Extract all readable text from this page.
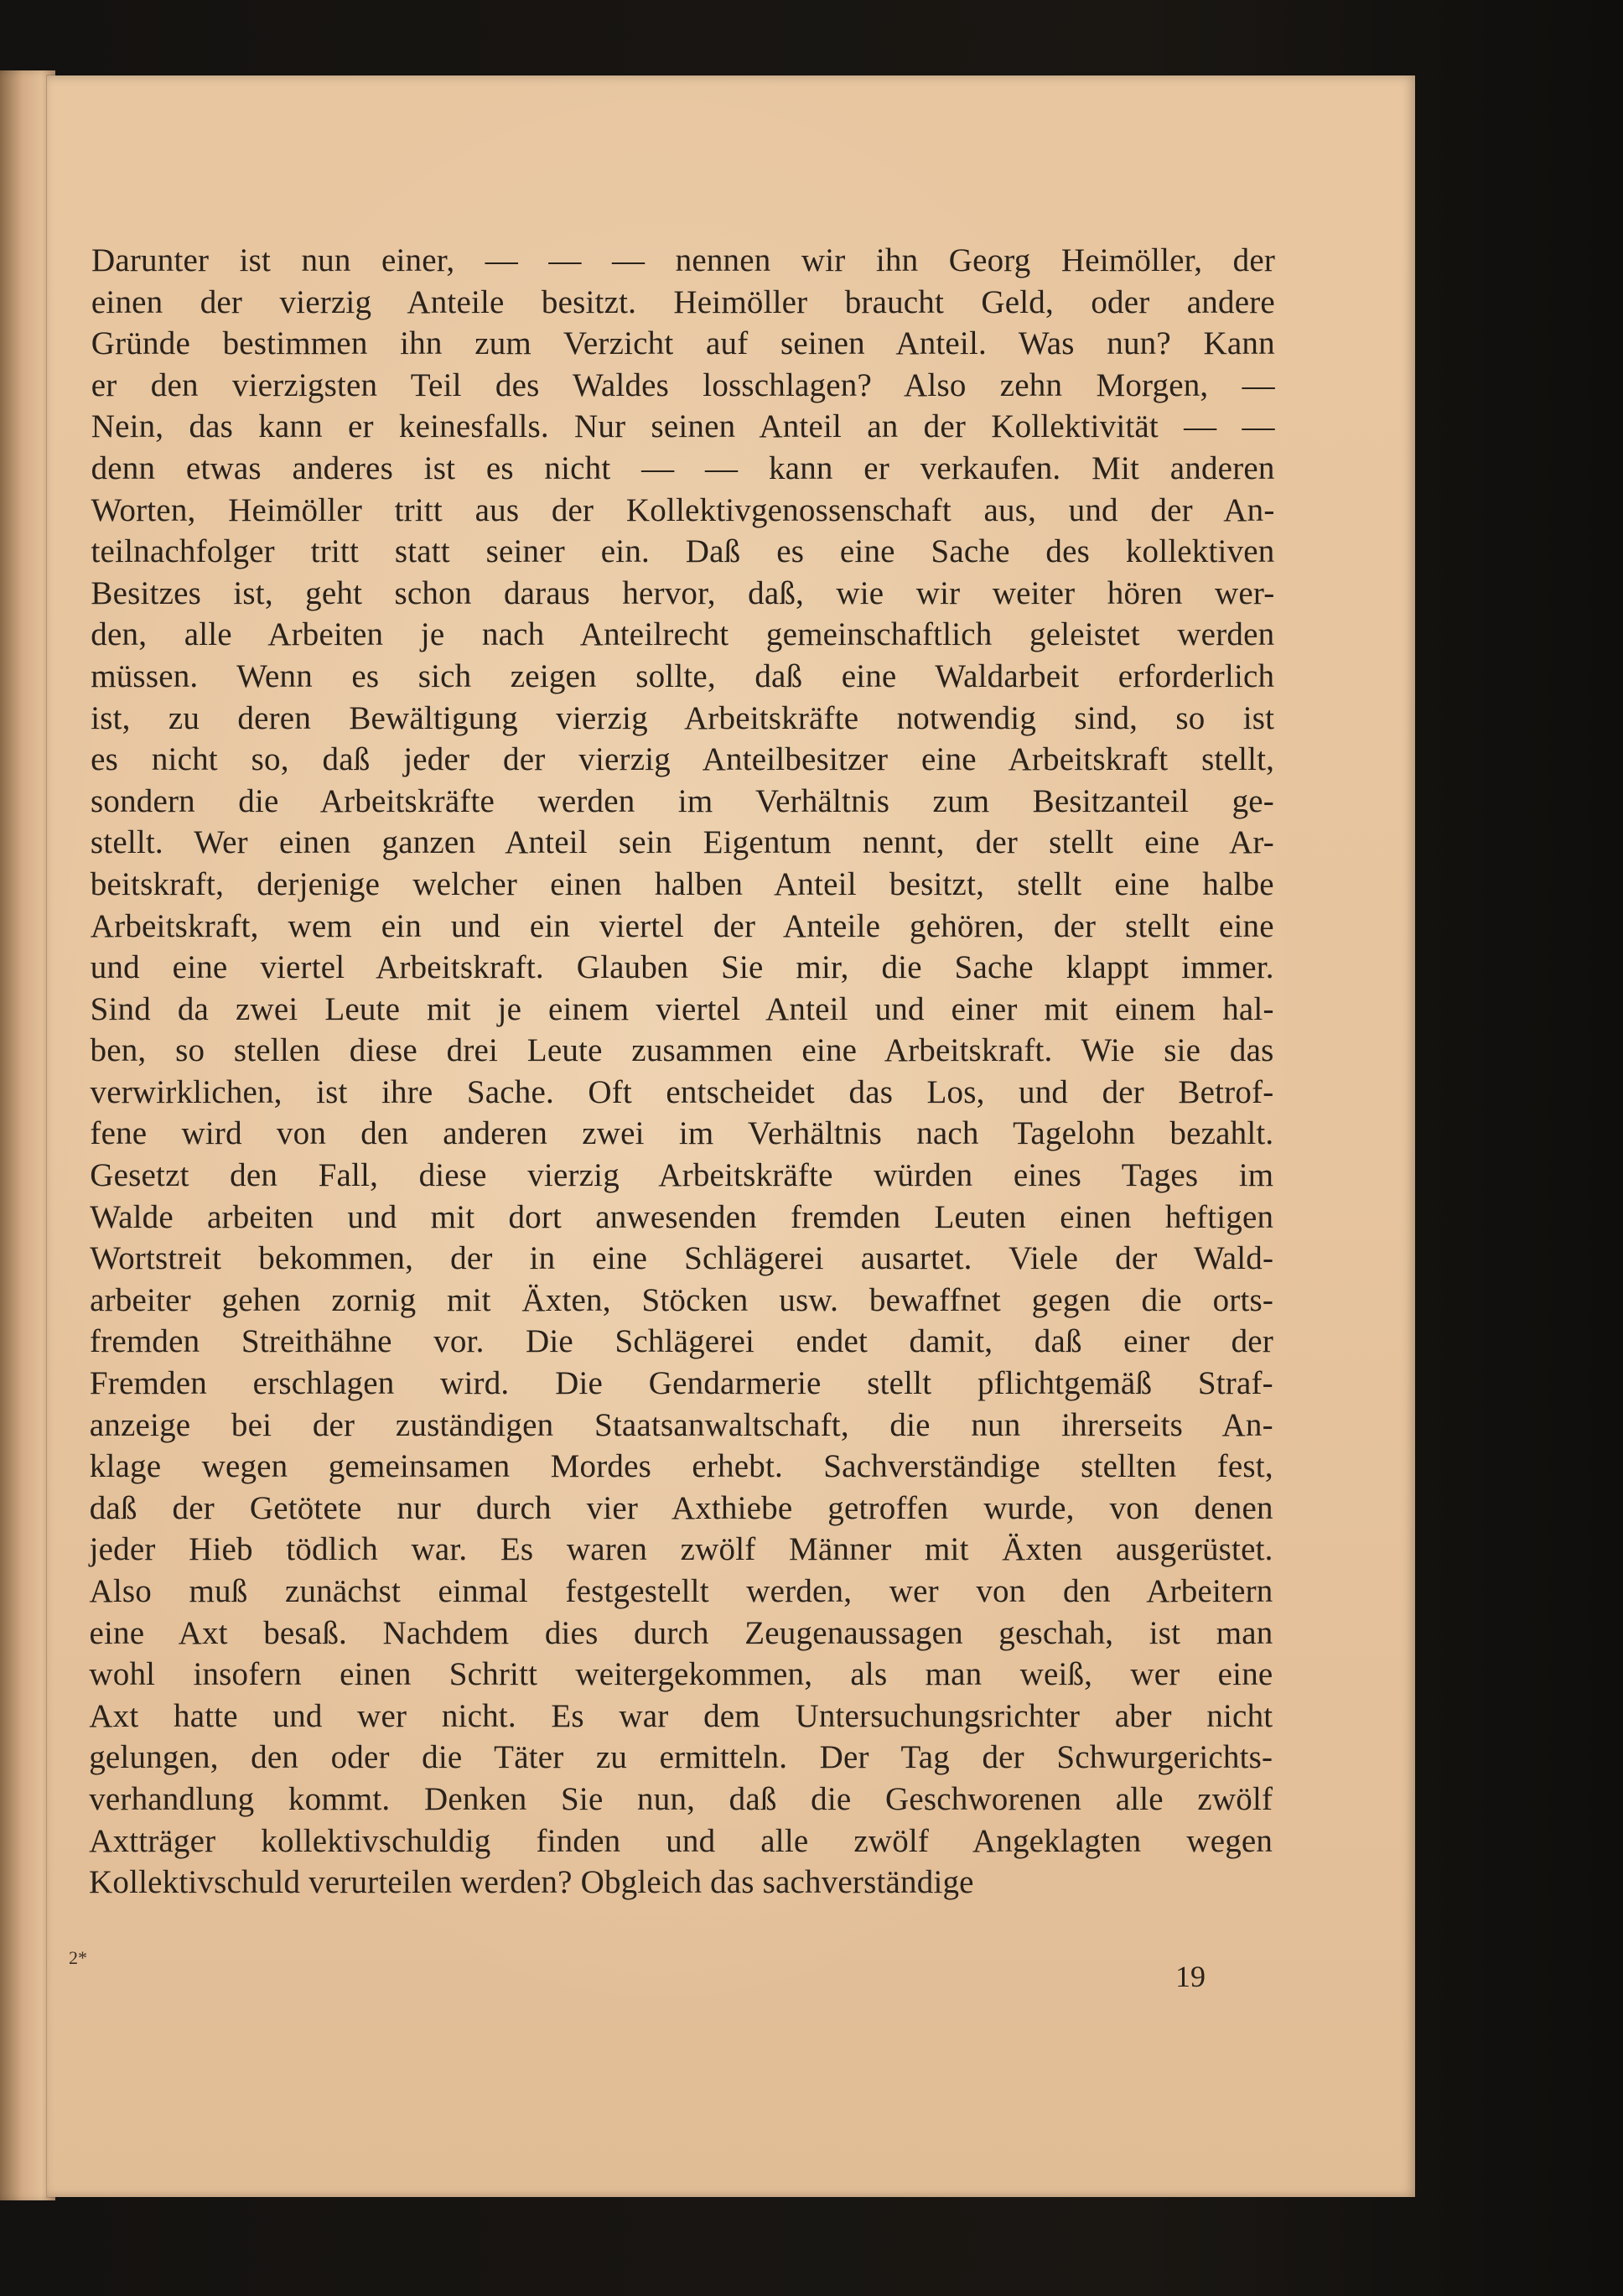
Darunter ist nun einer, — — — nennen wir ihn Georg Heimöller, der
einen der vierzig Anteile besitzt. Heimöller braucht Geld, oder andere
Gründe bestimmen ihn zum Verzicht auf seinen Anteil. Was nun? Kann
er den vierzigsten Teil des Waldes losschlagen? Also zehn Morgen, —
Nein, das kann er keinesfalls. Nur seinen Anteil an der Kollektivität — —
denn etwas anderes ist es nicht — — kann er verkaufen. Mit anderen
Worten, Heimöller tritt aus der Kollektivgenossenschaft aus, und der An-
teilnachfolger tritt statt seiner ein. Daß es eine Sache des kollektiven
Besitzes ist, geht schon daraus hervor, daß, wie wir weiter hören wer-
den, alle Arbeiten je nach Anteilrecht gemeinschaftlich geleistet werden
müssen. Wenn es sich zeigen sollte, daß eine Waldarbeit erforderlich
ist, zu deren Bewältigung vierzig Arbeitskräfte notwendig sind, so ist
es nicht so, daß jeder der vierzig Anteilbesitzer eine Arbeitskraft stellt,
sondern die Arbeitskräfte werden im Verhältnis zum Besitzanteil ge-
stellt. Wer einen ganzen Anteil sein Eigentum nennt, der stellt eine Ar-
beitskraft, derjenige welcher einen halben Anteil besitzt, stellt eine halbe
Arbeitskraft, wem ein und ein viertel der Anteile gehören, der stellt eine
und eine viertel Arbeitskraft. Glauben Sie mir, die Sache klappt immer.
Sind da zwei Leute mit je einem viertel Anteil und einer mit einem hal-
ben, so stellen diese drei Leute zusammen eine Arbeitskraft. Wie sie das
verwirklichen, ist ihre Sache. Oft entscheidet das Los, und der Betrof-
fene wird von den anderen zwei im Verhältnis nach Tagelohn bezahlt.
Gesetzt den Fall, diese vierzig Arbeitskräfte würden eines Tages im
Walde arbeiten und mit dort anwesenden fremden Leuten einen heftigen
Wortstreit bekommen, der in eine Schlägerei ausartet. Viele der Wald-
arbeiter gehen zornig mit Äxten, Stöcken usw. bewaffnet gegen die orts-
fremden Streithähne vor. Die Schlägerei endet damit, daß einer der
Fremden erschlagen wird. Die Gendarmerie stellt pflichtgemäß Straf-
anzeige bei der zuständigen Staatsanwaltschaft, die nun ihrerseits An-
klage wegen gemeinsamen Mordes erhebt. Sachverständige stellten fest,
daß der Getötete nur durch vier Axthiebe getroffen wurde, von denen
jeder Hieb tödlich war. Es waren zwölf Männer mit Äxten ausgerüstet.
Also muß zunächst einmal festgestellt werden, wer von den Arbeitern
eine Axt besaß. Nachdem dies durch Zeugenaussagen geschah, ist man
wohl insofern einen Schritt weitergekommen, als man weiß, wer eine
Axt hatte und wer nicht. Es war dem Untersuchungsrichter aber nicht
gelungen, den oder die Täter zu ermitteln. Der Tag der Schwurgerichts-
verhandlung kommt. Denken Sie nun, daß die Geschworenen alle zwölf
Axtträger kollektivschuldig finden und alle zwölf Angeklagten wegen
Kollektivschuld verurteilen werden? Obgleich das sachverständige
2*
19
